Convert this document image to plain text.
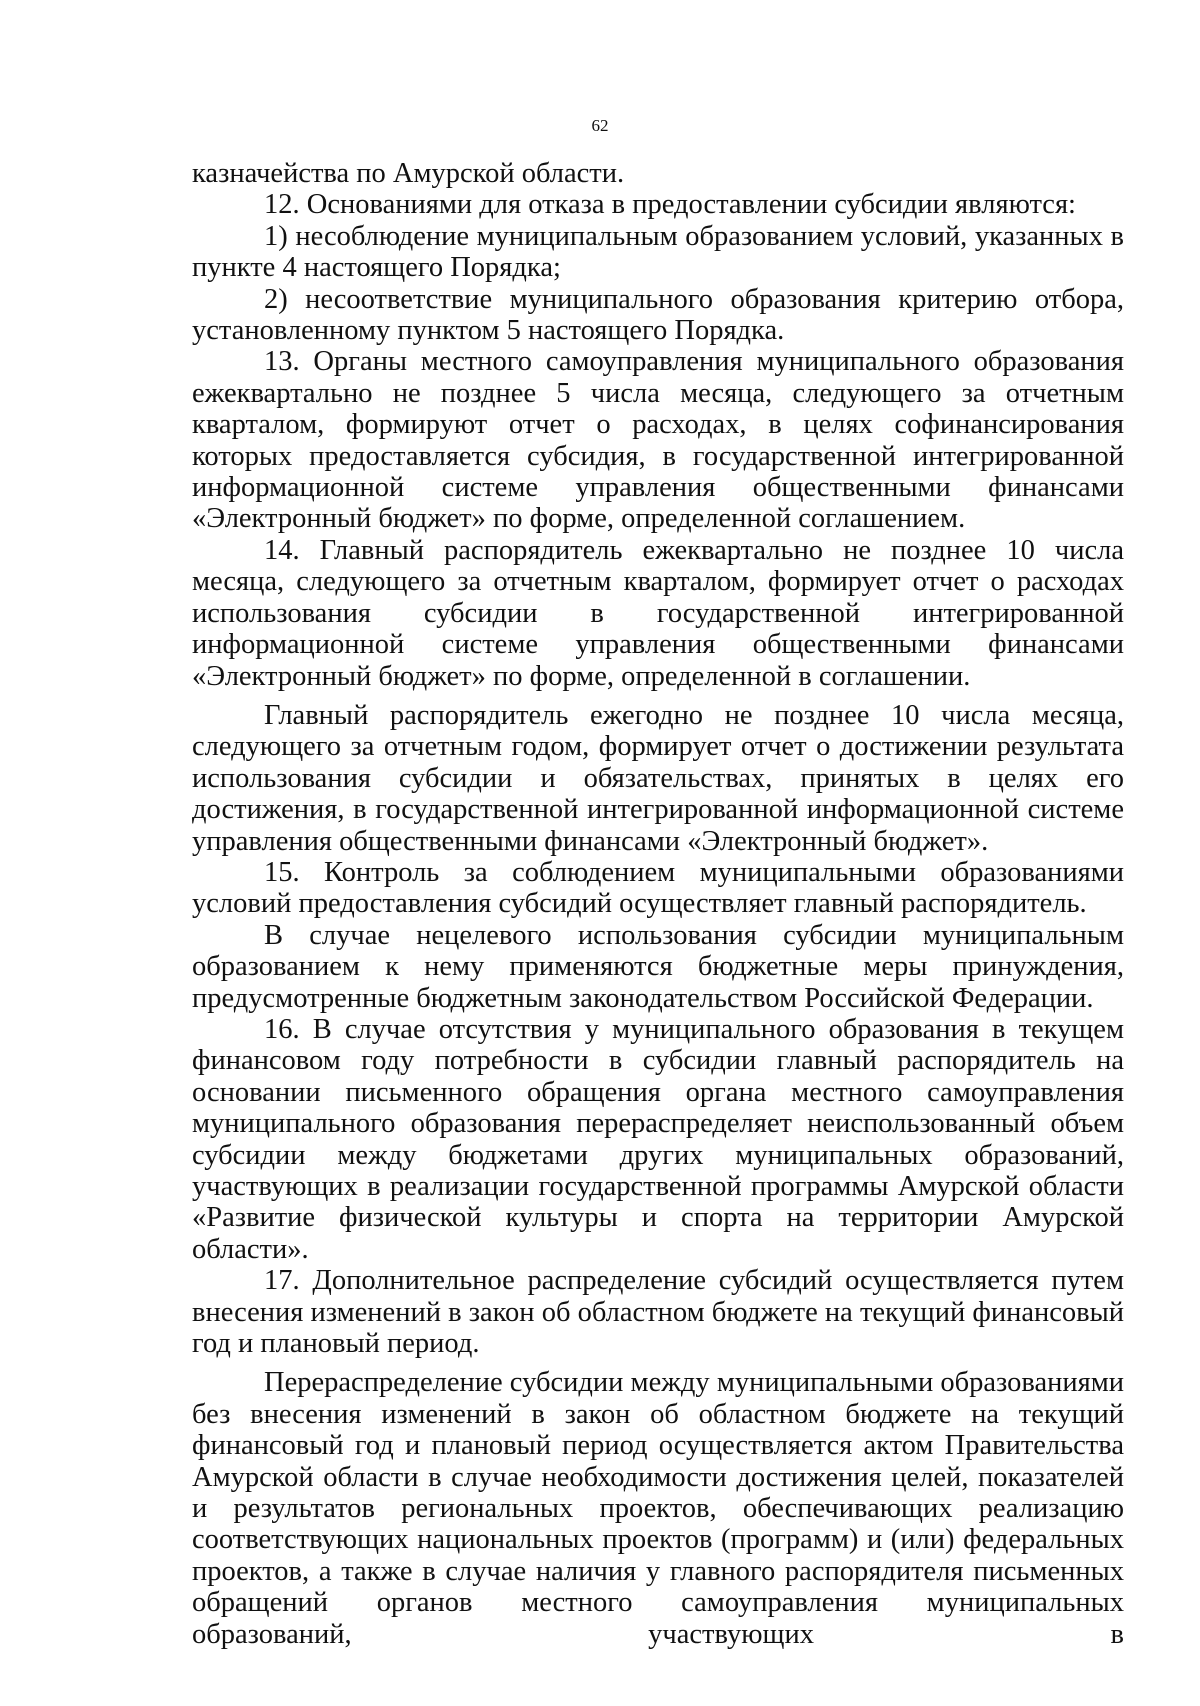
62

казначейства по Амурской области.

12. Основаниями для отказа в предоставлении субсидии являются:

1) несоблюдение муниципальным образованием условий, указанных в пункте 4 настоящего Порядка;

2) несоответствие муниципального образования критерию отбора, установленному пунктом 5 настоящего Порядка.

13. Органы местного самоуправления муниципального образования ежеквартально не позднее 5 числа месяца, следующего за отчетным кварталом, формируют отчет о расходах, в целях софинансирования которых предоставляется субсидия, в государственной интегрированной информационной системе управления общественными финансами «Электронный бюджет» по форме, определенной соглашением.

14. Главный распорядитель ежеквартально не позднее 10 числа месяца, следующего за отчетным кварталом, формирует отчет о расходах использования субсидии в государственной интегрированной информационной системе управления общественными финансами «Электронный бюджет» по форме, определенной в соглашении.

Главный распорядитель ежегодно не позднее 10 числа месяца, следующего за отчетным годом, формирует отчет о достижении результата использования субсидии и обязательствах, принятых в целях его достижения, в государственной интегрированной информационной системе управления общественными финансами «Электронный бюджет».

15. Контроль за соблюдением муниципальными образованиями условий предоставления субсидий осуществляет главный распорядитель.

В случае нецелевого использования субсидии муниципальным образованием к нему применяются бюджетные меры принуждения, предусмотренные бюджетным законодательством Российской Федерации.

16. В случае отсутствия у муниципального образования в текущем финансовом году потребности в субсидии главный распорядитель на основании письменного обращения органа местного самоуправления муниципального образования перераспределяет неиспользованный объем субсидии между бюджетами других муниципальных образований, участвующих в реализации государственной программы Амурской области «Развитие физической культуры и спорта на территории Амурской области».

17. Дополнительное распределение субсидий осуществляется путем внесения изменений в закон об областном бюджете на текущий финансовый год и плановый период.

Перераспределение субсидии между муниципальными образованиями без внесения изменений в закон об областном бюджете на текущий финансовый год и плановый период осуществляется актом Правительства Амурской области в случае необходимости достижения целей, показателей и результатов региональных проектов, обеспечивающих реализацию соответствующих национальных проектов (программ) и (или) федеральных проектов, а также в случае наличия у главного распорядителя письменных обращений органов местного самоуправления муниципальных образований, участвующих в
